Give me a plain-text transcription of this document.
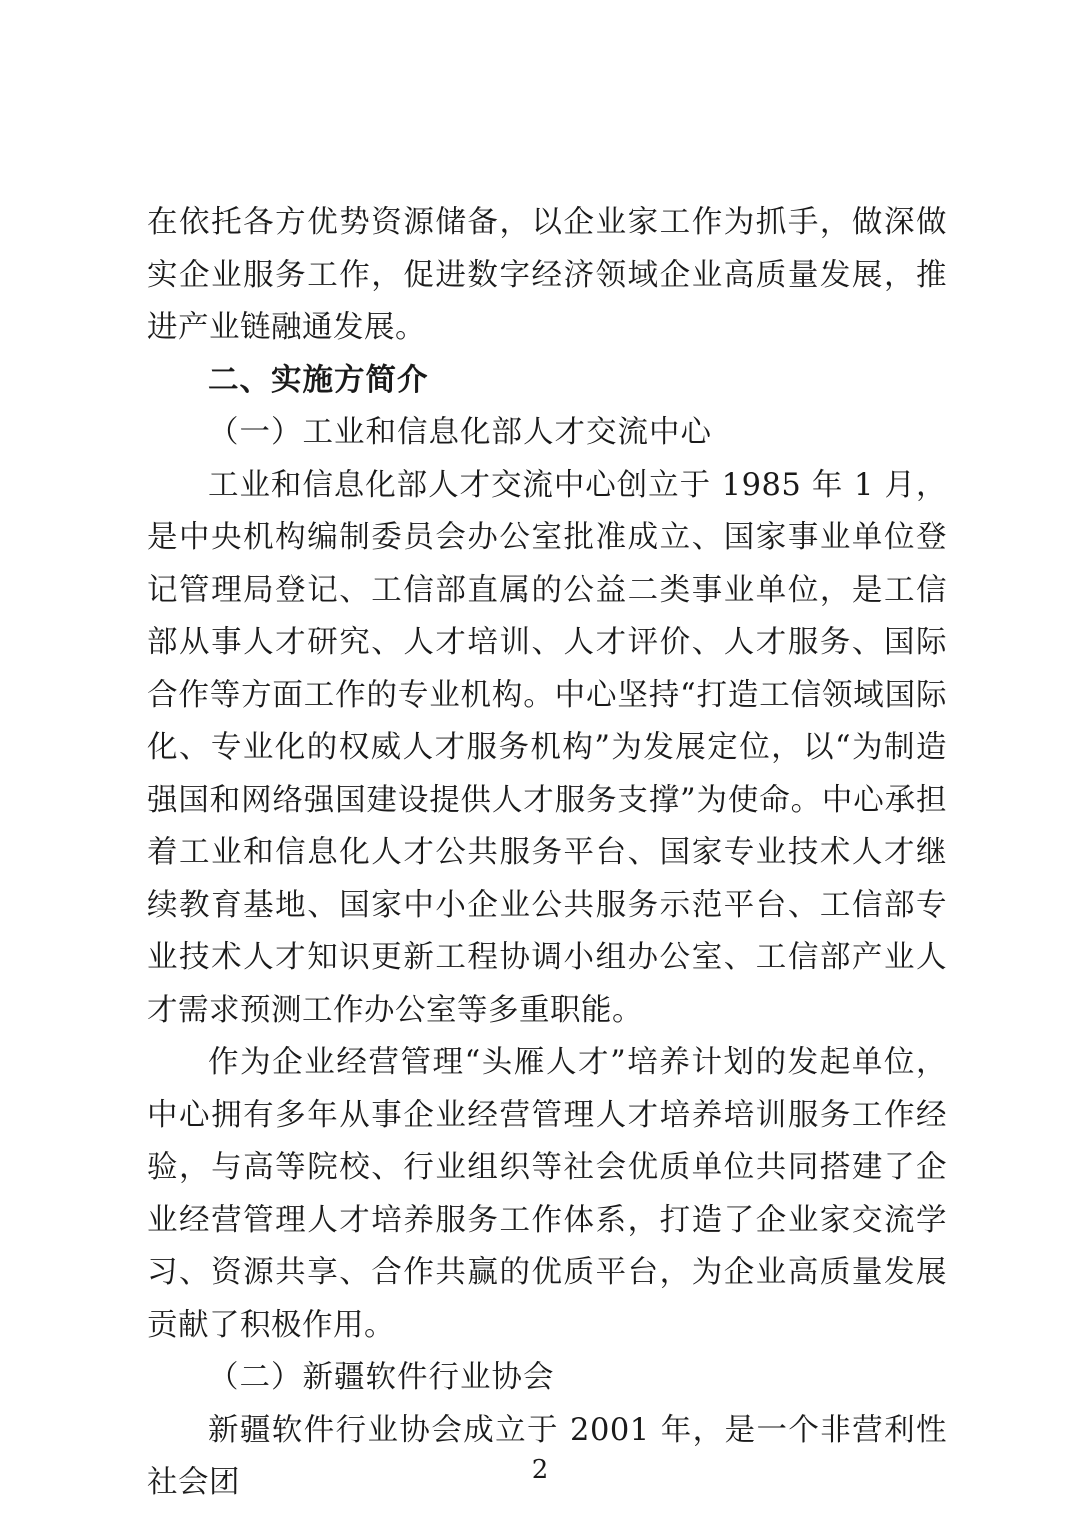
在依托各方优势资源储备，以企业家工作为抓手，做深做实企业服务工作，促进数字经济领域企业高质量发展，推进产业链融通发展。

二、实施方简介

（一）工业和信息化部人才交流中心

工业和信息化部人才交流中心创立于 1985 年 1 月，是中央机构编制委员会办公室批准成立、国家事业单位登记管理局登记、工信部直属的公益二类事业单位，是工信部从事人才研究、人才培训、人才评价、人才服务、国际合作等方面工作的专业机构。中心坚持“打造工信领域国际化、专业化的权威人才服务机构”为发展定位，以“为制造强国和网络强国建设提供人才服务支撑”为使命。中心承担着工业和信息化人才公共服务平台、国家专业技术人才继续教育基地、国家中小企业公共服务示范平台、工信部专业技术人才知识更新工程协调小组办公室、工信部产业人才需求预测工作办公室等多重职能。

作为企业经营管理“头雁人才”培养计划的发起单位，中心拥有多年从事企业经营管理人才培养培训服务工作经验，与高等院校、行业组织等社会优质单位共同搭建了企业经营管理人才培养服务工作体系，打造了企业家交流学习、资源共享、合作共赢的优质平台，为企业高质量发展贡献了积极作用。

（二）新疆软件行业协会

新疆软件行业协会成立于 2001 年，是一个非营利性社会团	2
